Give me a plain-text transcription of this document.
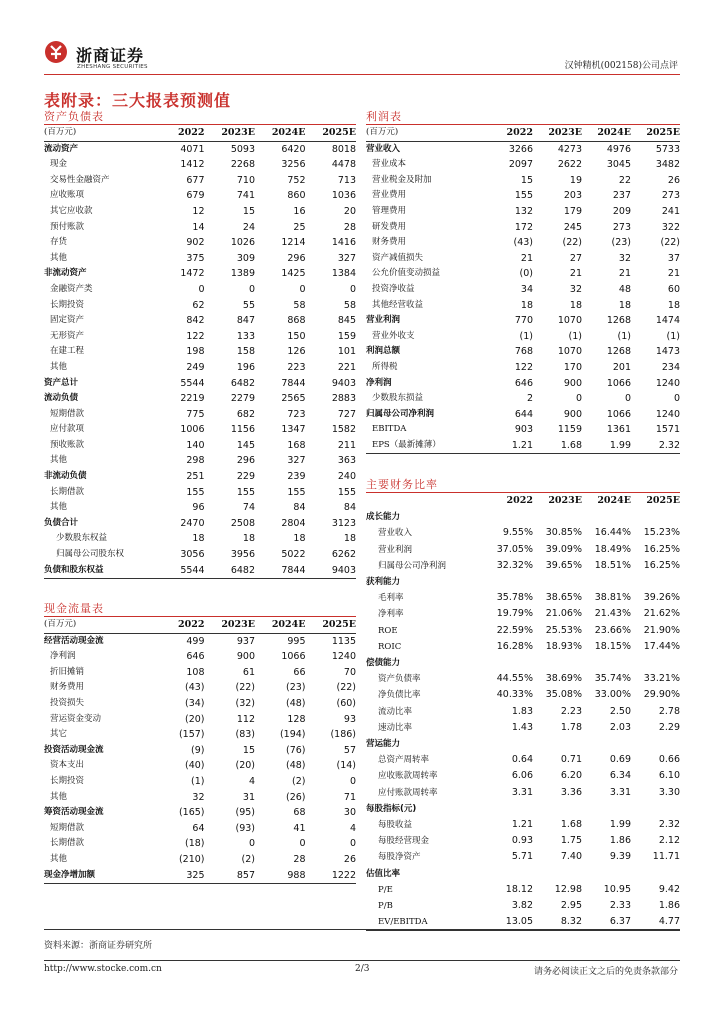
浙商证券
ZHESHANG SECURITIES	汉钟精机(002158)公司点评
表附录：三大报表预测值
资产负债表
(百万元)	2022	2023E	2024E	2025E
流动资产	4071	5093	6420	8018
现金	1412	2268	3256	4478
交易性金融资产	677	710	752	713
应收账项	679	741	860	1036
其它应收款	12	15	16	20
预付账款	14	24	25	28
存货	902	1026	1214	1416
其他	375	309	296	327
非流动资产	1472	1389	1425	1384
金融资产类	0	0	0	0
长期投资	62	55	58	58
固定资产	842	847	868	845
无形资产	122	133	150	159
在建工程	198	158	126	101
其他	249	196	223	221
资产总计	5544	6482	7844	9403
流动负债	2219	2279	2565	2883
短期借款	775	682	723	727
应付款项	1006	1156	1347	1582
预收账款	140	145	168	211
其他	298	296	327	363
非流动负债	251	229	239	240
长期借款	155	155	155	155
其他	96	74	84	84
负债合计	2470	2508	2804	3123
少数股东权益	18	18	18	18
归属母公司股东权	3056	3956	5022	6262
负债和股东权益	5544	6482	7844	9403
现金流量表
(百万元)	2022	2023E	2024E	2025E
经营活动现金流	499	937	995	1135
净利润	646	900	1066	1240
折旧摊销	108	61	66	70
财务费用	(43)	(22)	(23)	(22)
投资损失	(34)	(32)	(48)	(60)
营运资金变动	(20)	112	128	93
其它	(157)	(83)	(194)	(186)
投资活动现金流	(9)	15	(76)	57
资本支出	(40)	(20)	(48)	(14)
长期投资	(1)	4	(2)	0
其他	32	31	(26)	71
筹资活动现金流	(165)	(95)	68	30
短期借款	64	(93)	41	4
长期借款	(18)	0	0	0
其他	(210)	(2)	28	26
现金净增加额	325	857	988	1222
利润表
(百万元)	2022	2023E	2024E	2025E
营业收入	3266	4273	4976	5733
营业成本	2097	2622	3045	3482
营业税金及附加	15	19	22	26
营业费用	155	203	237	273
管理费用	132	179	209	241
研发费用	172	245	273	322
财务费用	(43)	(22)	(23)	(22)
资产减值损失	21	27	32	37
公允价值变动损益	(0)	21	21	21
投资净收益	34	32	48	60
其他经营收益	18	18	18	18
营业利润	770	1070	1268	1474
营业外收支	(1)	(1)	(1)	(1)
利润总额	768	1070	1268	1473
所得税	122	170	201	234
净利润	646	900	1066	1240
少数股东损益	2	0	0	0
归属母公司净利润	644	900	1066	1240
EBITDA	903	1159	1361	1571
EPS（最新摊薄）	1.21	1.68	1.99	2.32
主要财务比率
	2022	2023E	2024E	2025E
成长能力				
营业收入	9.55%	30.85%	16.44%	15.23%
营业利润	37.05%	39.09%	18.49%	16.25%
归属母公司净利润	32.32%	39.65%	18.51%	16.25%
获利能力				
毛利率	35.78%	38.65%	38.81%	39.26%
净利率	19.79%	21.06%	21.43%	21.62%
ROE	22.59%	25.53%	23.66%	21.90%
ROIC	16.28%	18.93%	18.15%	17.44%
偿债能力				
资产负债率	44.55%	38.69%	35.74%	33.21%
净负债比率	40.33%	35.08%	33.00%	29.90%
流动比率	1.83	2.23	2.50	2.78
速动比率	1.43	1.78	2.03	2.29
营运能力				
总资产周转率	0.64	0.71	0.69	0.66
应收账款周转率	6.06	6.20	6.34	6.10
应付账款周转率	3.31	3.36	3.31	3.30
每股指标(元)				
每股收益	1.21	1.68	1.99	2.32
每股经营现金	0.93	1.75	1.86	2.12
每股净资产	5.71	7.40	9.39	11.71
估值比率				
P/E	18.12	12.98	10.95	9.42
P/B	3.82	2.95	2.33	1.86
EV/EBITDA	13.05	8.32	6.37	4.77
资料来源：浙商证券研究所
http://www.stocke.com.cn	2/3	请务必阅读正文之后的免责条款部分
